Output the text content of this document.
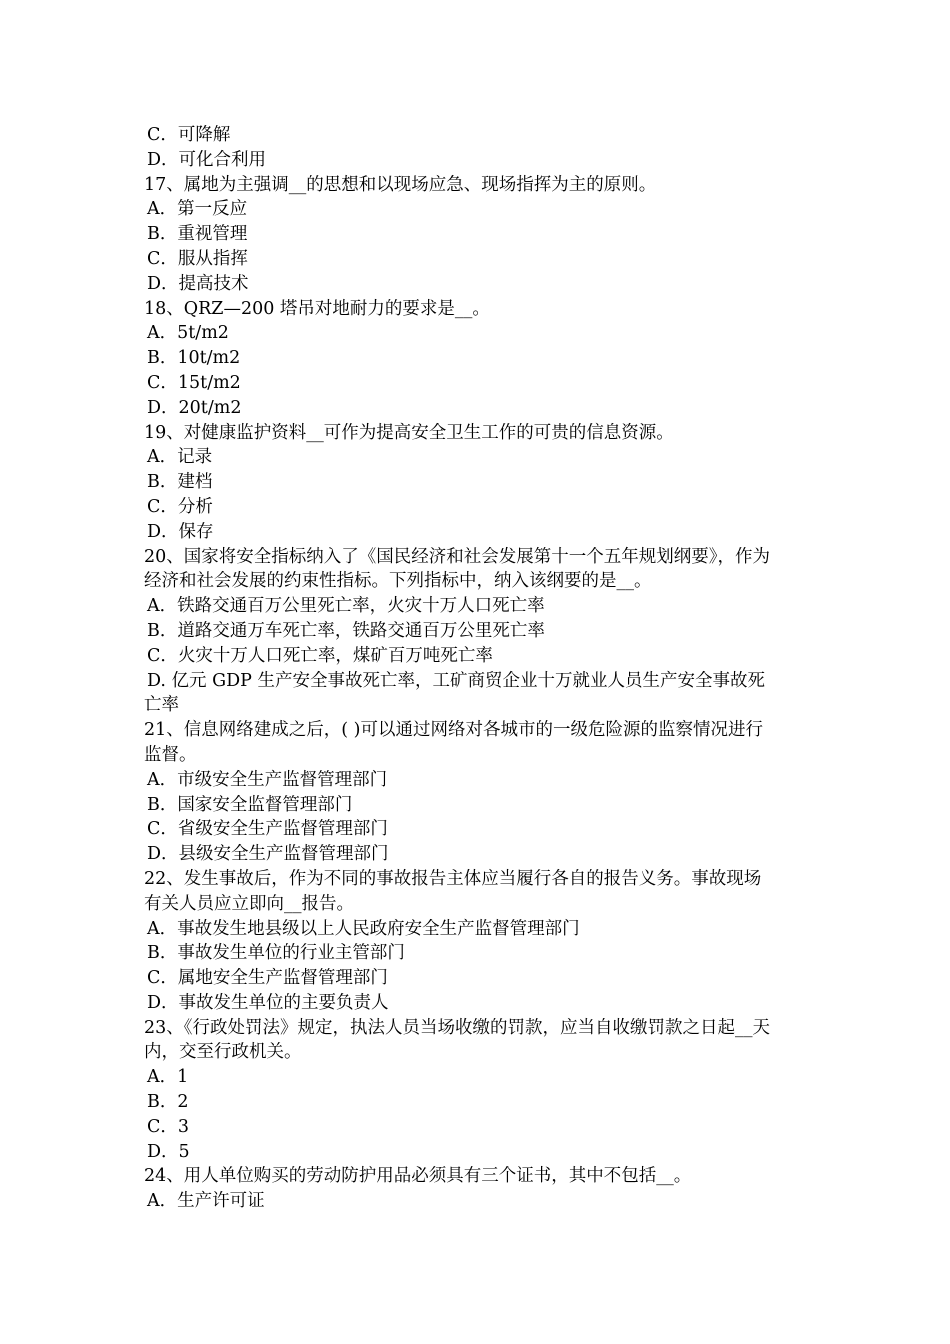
C．可降解
D．可化合利用
17、属地为主强调__的思想和以现场应急、现场指挥为主的原则。
A．第一反应
B．重视管理
C．服从指挥
D．提高技术
18、QRZ—200 塔吊对地耐力的要求是__。
A．5t/m2
B．10t/m2
C．15t/m2
D．20t/m2
19、对健康监护资料__可作为提高安全卫生工作的可贵的信息资源。
A．记录
B．建档
C．分析
D．保存
20、国家将安全指标纳入了《国民经济和社会发展第十一个五年规划纲要》，作为
经济和社会发展的约束性指标。下列指标中，纳入该纲要的是__。
A．铁路交通百万公里死亡率，火灾十万人口死亡率
B．道路交通万车死亡率，铁路交通百万公里死亡率
C．火灾十万人口死亡率，煤矿百万吨死亡率
D. 亿元 GDP 生产安全事故死亡率，工矿商贸企业十万就业人员生产安全事故死
亡率
21、信息网络建成之后，( )可以通过网络对各城市的一级危险源的监察情况进行
监督。
A．市级安全生产监督管理部门
B．国家安全监督管理部门
C．省级安全生产监督管理部门
D．县级安全生产监督管理部门
22、发生事故后，作为不同的事故报告主体应当履行各自的报告义务。事故现场
有关人员应立即向__报告。
A．事故发生地县级以上人民政府安全生产监督管理部门
B．事故发生单位的行业主管部门
C．属地安全生产监督管理部门
D．事故发生单位的主要负责人
23、《行政处罚法》规定，执法人员当场收缴的罚款，应当自收缴罚款之日起__天
内，交至行政机关。
A．1
B．2
C．3
D．5
24、用人单位购买的劳动防护用品必须具有三个证书，其中不包括__。
A．生产许可证
